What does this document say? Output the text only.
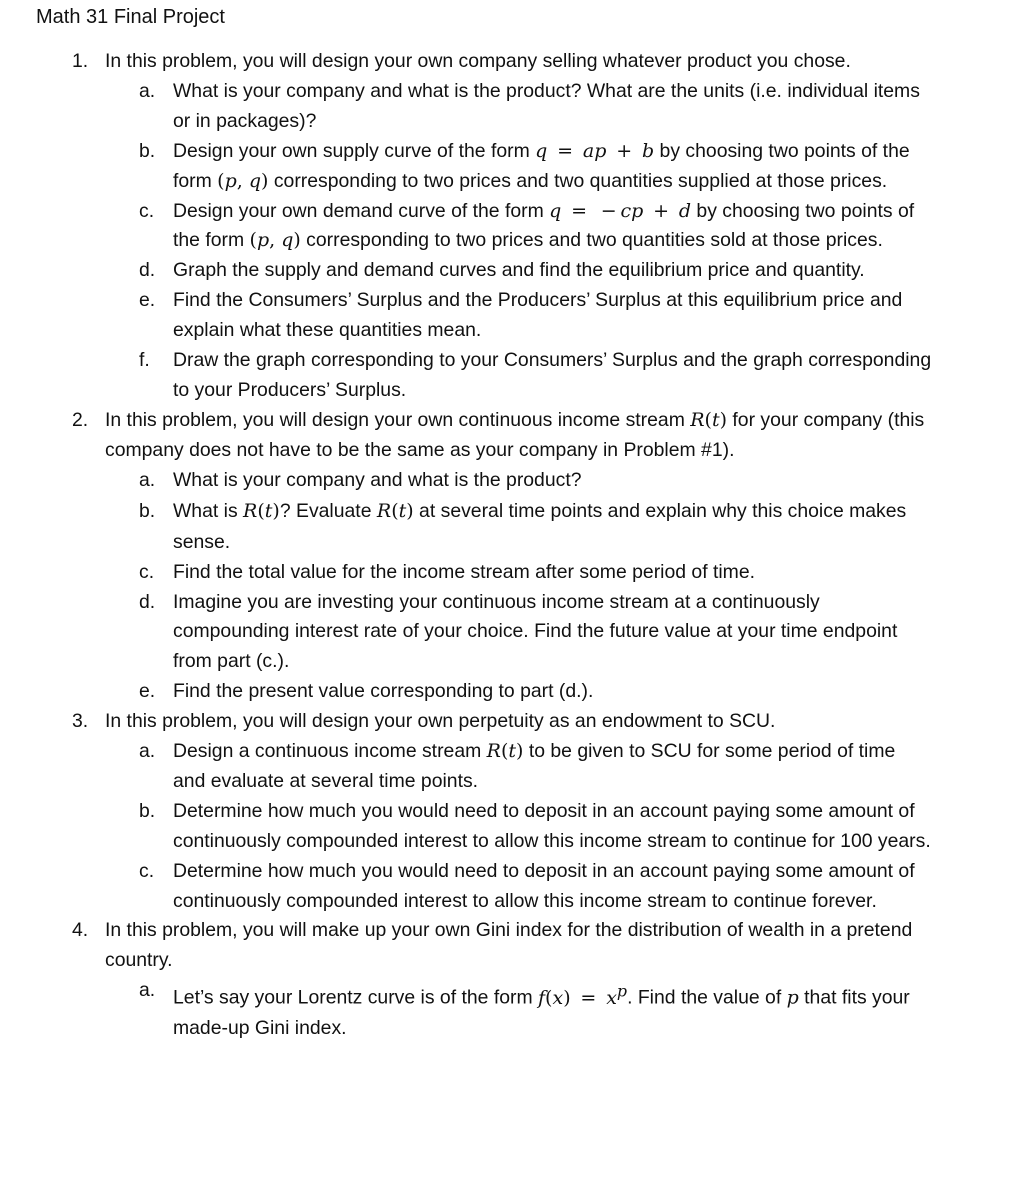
Math 31 Final Project
1. In this problem, you will design your own company selling whatever product you chose.
a. What is your company and what is the product? What are the units (i.e. individual items or in packages)?
b. Design your own supply curve of the form q  =  ap  +  b by choosing two points of the form (p, q) corresponding to two prices and two quantities supplied at those prices.
c. Design your own demand curve of the form q  =   − cp  +  d by choosing two points of the form (p, q) corresponding to two prices and two quantities sold at those prices.
d. Graph the supply and demand curves and find the equilibrium price and quantity.
e. Find the Consumers’ Surplus and the Producers’ Surplus at this equilibrium price and explain what these quantities mean.
f. Draw the graph corresponding to your Consumers’ Surplus and the graph corresponding to your Producers’ Surplus.
2. In this problem, you will design your own continuous income stream R(t) for your company (this company does not have to be the same as your company in Problem #1).
a. What is your company and what is the product?
b. What is R(t)? Evaluate R(t) at several time points and explain why this choice makes sense.
c. Find the total value for the income stream after some period of time.
d. Imagine you are investing your continuous income stream at a continuously compounding interest rate of your choice. Find the future value at your time endpoint from part (c.).
e. Find the present value corresponding to part (d.).
3. In this problem, you will design your own perpetuity as an endowment to SCU.
a. Design a continuous income stream R(t) to be given to SCU for some period of time and evaluate at several time points.
b. Determine how much you would need to deposit in an account paying some amount of continuously compounded interest to allow this income stream to continue for 100 years.
c. Determine how much you would need to deposit in an account paying some amount of continuously compounded interest to allow this income stream to continue forever.
4. In this problem, you will make up your own Gini index for the distribution of wealth in a pretend country.
a. Let’s say your Lorentz curve is of the form $f(x) = x^p$. Find the value of p that fits your made-up Gini index.
